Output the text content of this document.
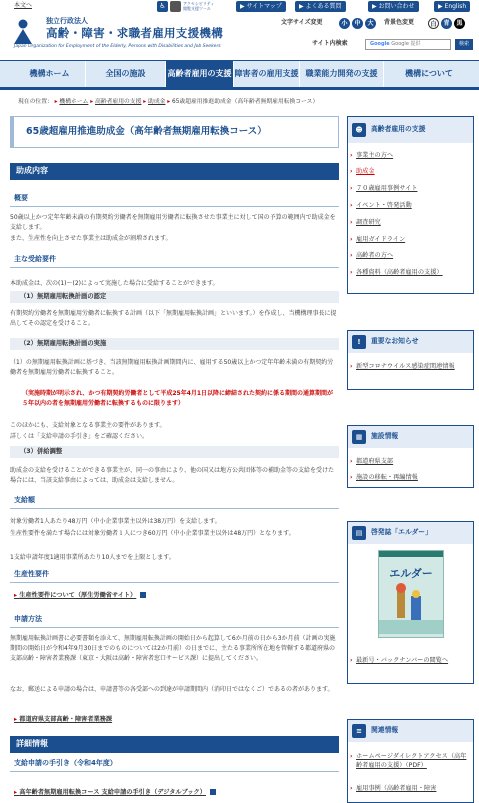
本文へ	♿	アクセシビリティ 閲覧支援ツール	▶ サイトマップ	▶ よくある質問	▶ お問い合わせ	▶ English
独立行政法人
高齢・障害・求職者雇用支援機構
Japan Organization for Employment of the Elderly, Persons with Disabilities and Job Seekers
文字サイズ変更	小	中	大	背景色変更	白	青	黒
サイト内検索	Google Google 提供	検索
機構ホーム	全国の施設	高齢者雇用の支援 障害者の雇用支援 職業能力開発の支援	機構について
現在の位置： ▸ 機構ホーム ▸ 高齢者雇用の支援 ▸ 助成金 ▸ 65歳超雇用推進助成金（高年齢者無期雇用転換コース）
65歳超雇用推進助成金（高年齢者無期雇用転換コース）
助成内容
概要
50歳以上かつ定年年齢未満の有期契約労働者を無期雇用労働者に転換させた事業主に対して国の予算の範囲内で助成金を支給します。
また、生産性を向上させた事業主は助成金が割増されます。
主な受給要件
本助成金は、次の(1)〜(2)によって実施した場合に受給することができます。
（1）無期雇用転換計画の認定
有期契約労働者を無期雇用労働者に転換する計画（以下「無期雇用転換計画」といいます。）を作成し、当機構理事長に提出してその認定を受けること。
（2）無期雇用転換計画の実施
（1）の無期雇用転換計画に基づき、当該無期雇用転換計画期間内に、雇用する50歳以上かつ定年年齢未満の有期契約労働者を無期雇用労働者に転換すること。
（実施時期が明示され、かつ有期契約労働者として平成25年4月1日以降に締結された契約に係る期間の通算期間が５年以内の者を無期雇用労働者に転換するものに限ります）
このほかにも、支給対象となる事業主の要件があります。
詳しくは「支給申請の手引き」をご確認ください。
（3）併給調整
助成金の支給を受けることができる事業主が、同一の事由により、他の国又は地方公共団体等の補助金等の支給を受けた場合には、当該支給事由によっては、助成金は支給しません。
支給額
対象労働者1人あたり48万円（中小企業事業主以外は38万円）を支給します。
生産性要件を満たす場合には対象労働者１人につき60万円（中小企業事業主以外は48万円）となります。
1支給申請年度1適用事業所あたり10人までを上限とします。
生産性要件
▸ 生産性要件について（厚生労働省サイト）
申請方法
無期雇用転換計画書に必要書類を添えて、無期雇用転換計画の開始日から起算して6か月前の日から3か月前（計画の実施期間の開始日が令和4年9月30日までのものについては2か月前）の日までに、主たる事業所所在地を管轄する都道府県の支部高齢・障害者業務課（東京・大阪は高齢・障害者窓口サービス課）に提出してください。
なお、郵送による申請の場合は、申請書等の各受部への到達が申請期間内（消印日ではなくご）であるの者があります。
▸ 都道府県支部高齢・障害者業務課
詳細情報
支給申請の手引き（令和4年度）
▸ 高年齢者無期雇用転換コース 支給申請の手引き（デジタルブック）
☻	高齢者雇用の支援
› 事業主の方へ
› 助成金
› ７０歳雇用事例サイト
› イベント・啓発活動
› 調査研究
› 雇用ガイドライン
› 高齢者の方へ
› 各種資料（高齢者雇用の支援）
!	重要なお知らせ
› 新型コロナウイルス感染症関連情報
▦	施設情報
› 都道府県支部
› 施設の移転・再編情報
▤	啓発誌「エルダー」
エルダー
› 最新号・バックナンバーの閲覧へ
≡	関連情報
› ホームページダイレクトアクセス（高年齢者雇用の支援）（PDF）
› 雇用事例（高齢者雇用・障害
